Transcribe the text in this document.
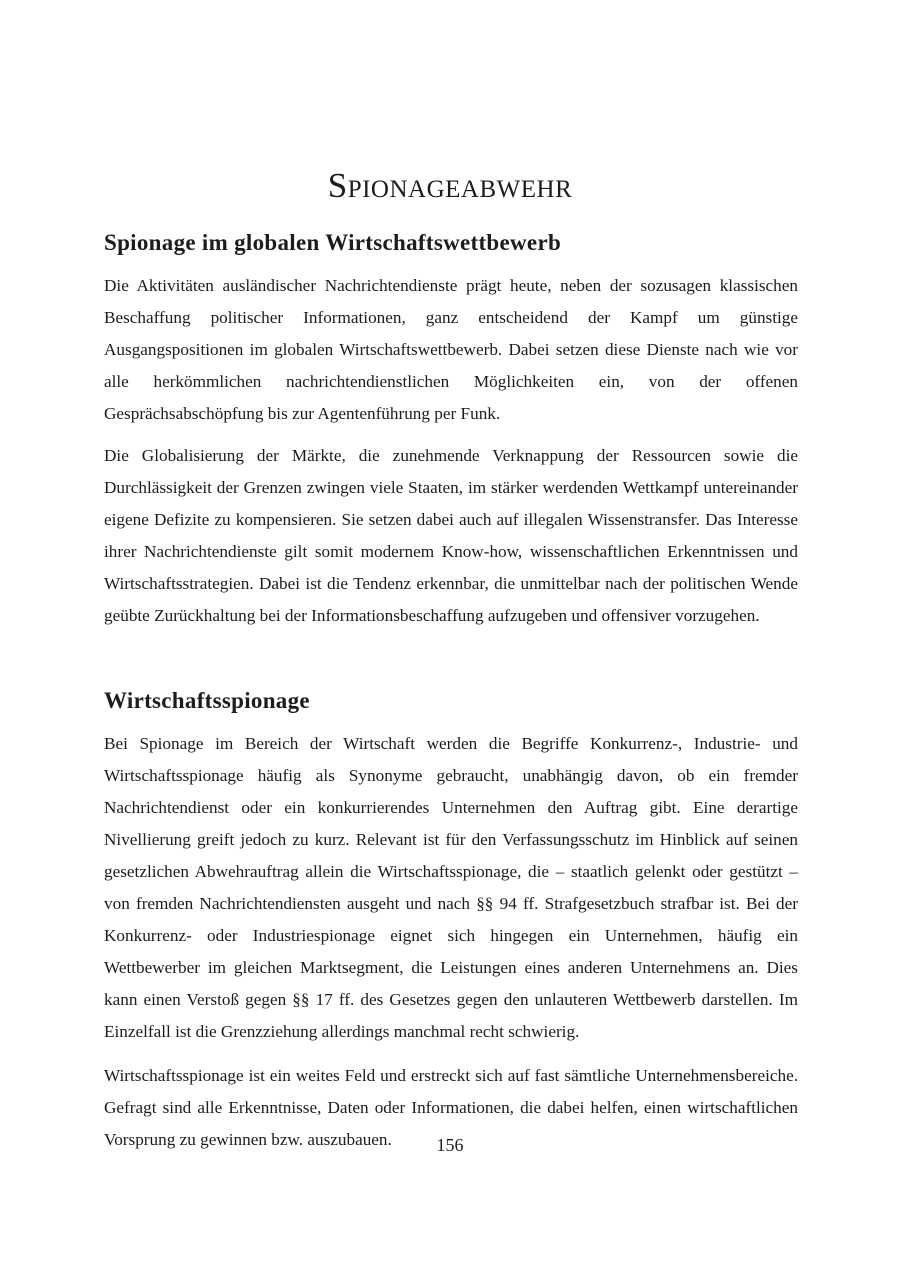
Spionageabwehr
Spionage im globalen Wirtschaftswettbewerb

Die Aktivitäten ausländischer Nachrichtendienste prägt heute, neben der sozusagen klassischen Beschaffung politischer Informationen, ganz entscheidend der Kampf um günstige Ausgangspositionen im globalen Wirtschaftswettbewerb. Dabei setzen diese Dienste nach wie vor alle herkömmlichen nachrichtendienstlichen Möglichkeiten ein, von der offenen Gesprächsabschöpfung bis zur Agentenführung per Funk.

Die Globalisierung der Märkte, die zunehmende Verknappung der Ressourcen sowie die Durchlässigkeit der Grenzen zwingen viele Staaten, im stärker werdenden Wettkampf untereinander eigene Defizite zu kompensieren. Sie setzen dabei auch auf illegalen Wissenstransfer. Das Interesse ihrer Nachrichtendienste gilt somit modernem Know-how, wissenschaftlichen Erkenntnissen und Wirtschaftsstrategien. Dabei ist die Tendenz erkennbar, die unmittelbar nach der politischen Wende geübte Zurückhaltung bei der Informationsbeschaffung aufzugeben und offensiver vorzugehen.

Wirtschaftsspionage

Bei Spionage im Bereich der Wirtschaft werden die Begriffe Konkurrenz-, Industrie- und Wirtschaftsspionage häufig als Synonyme gebraucht, unabhängig davon, ob ein fremder Nachrichtendienst oder ein konkurrierendes Unternehmen den Auftrag gibt. Eine derartige Nivellierung greift jedoch zu kurz. Relevant ist für den Verfassungsschutz im Hinblick auf seinen gesetzlichen Abwehrauftrag allein die Wirtschaftsspionage, die – staatlich gelenkt oder gestützt – von fremden Nachrichtendiensten ausgeht und nach §§ 94 ff. Strafgesetzbuch strafbar ist. Bei der Konkurrenz- oder Industriespionage eignet sich hingegen ein Unternehmen, häufig ein Wettbewerber im gleichen Marktsegment, die Leistungen eines anderen Unternehmens an. Dies kann einen Verstoß gegen §§ 17 ff. des Gesetzes gegen den unlauteren Wettbewerb darstellen. Im Einzelfall ist die Grenzziehung allerdings manchmal recht schwierig.

Wirtschaftsspionage ist ein weites Feld und erstreckt sich auf fast sämtliche Unternehmensbereiche. Gefragt sind alle Erkenntnisse, Daten oder Informationen, die dabei helfen, einen wirtschaftlichen Vorsprung zu gewinnen bzw. auszubauen.	156
